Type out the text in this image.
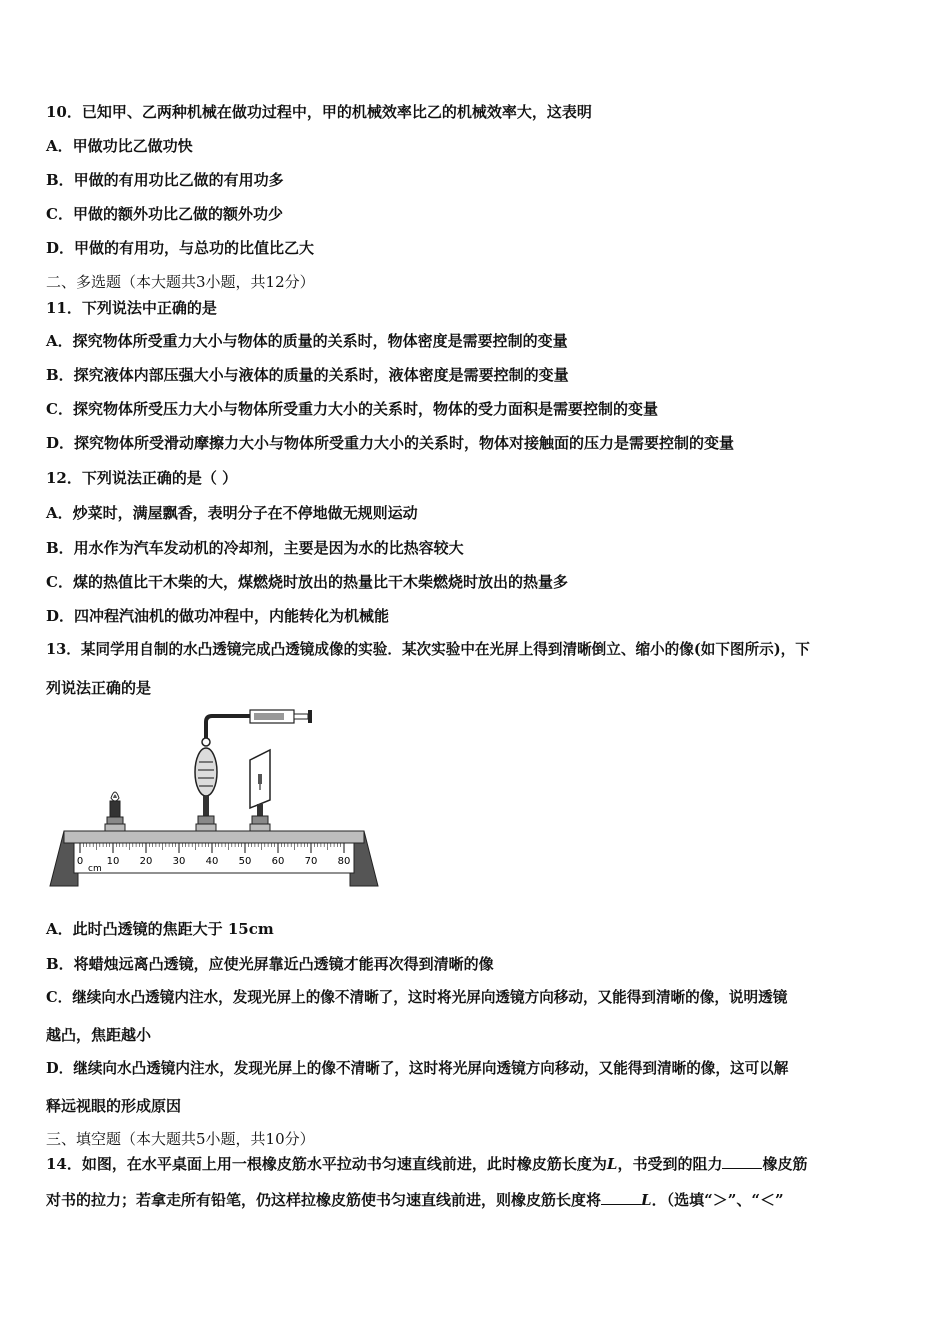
10．已知甲、乙两种机械在做功过程中，甲的机械效率比乙的机械效率大，这表明
A．甲做功比乙做功快
B．甲做的有用功比乙做的有用功多
C．甲做的额外功比乙做的额外功少
D．甲做的有用功，与总功的比值比乙大
二、多选题（本大题共3小题，共12分）
11．下列说法中正确的是
A．探究物体所受重力大小与物体的质量的关系时，物体密度是需要控制的变量
B．探究液体内部压强大小与液体的质量的关系时，液体密度是需要控制的变量
C．探究物体所受压力大小与物体所受重力大小的关系时，物体的受力面积是需要控制的变量
D．探究物体所受滑动摩擦力大小与物体所受重力大小的关系时，物体对接触面的压力是需要控制的变量
12．下列说法正确的是（ ）
A．炒菜时，满屋飘香，表明分子在不停地做无规则运动
B．用水作为汽车发动机的冷却剂，主要是因为水的比热容较大
C．煤的热值比干木柴的大，煤燃烧时放出的热量比干木柴燃烧时放出的热量多
D．四冲程汽油机的做功冲程中，内能转化为机械能
13．某同学用自制的水凸透镜完成凸透镜成像的实验．某次实验中在光屏上得到清晰倒立、缩小的像(如下图所示)，下
列说法正确的是
0 10 20 30 40 50 60 70 80
cm
A．此时凸透镜的焦距大于 15cm
B．将蜡烛远离凸透镜，应使光屏靠近凸透镜才能再次得到清晰的像
C．继续向水凸透镜内注水，发现光屏上的像不清晰了，这时将光屏向透镜方向移动，又能得到清晰的像，说明透镜
越凸，焦距越小
D．继续向水凸透镜内注水，发现光屏上的像不清晰了，这时将光屏向透镜方向移动，又能得到清晰的像，这可以解
释远视眼的形成原因
三、填空题（本大题共5小题，共10分）
14．如图，在水平桌面上用一根橡皮筋水平拉动书匀速直线前进，此时橡皮筋长度为L，书受到的阻力	橡皮筋
对书的拉力；若拿走所有铅笔，仍这样拉橡皮筋使书匀速直线前进，则橡皮筋长度将	L．（选填“＞”、“＜”
